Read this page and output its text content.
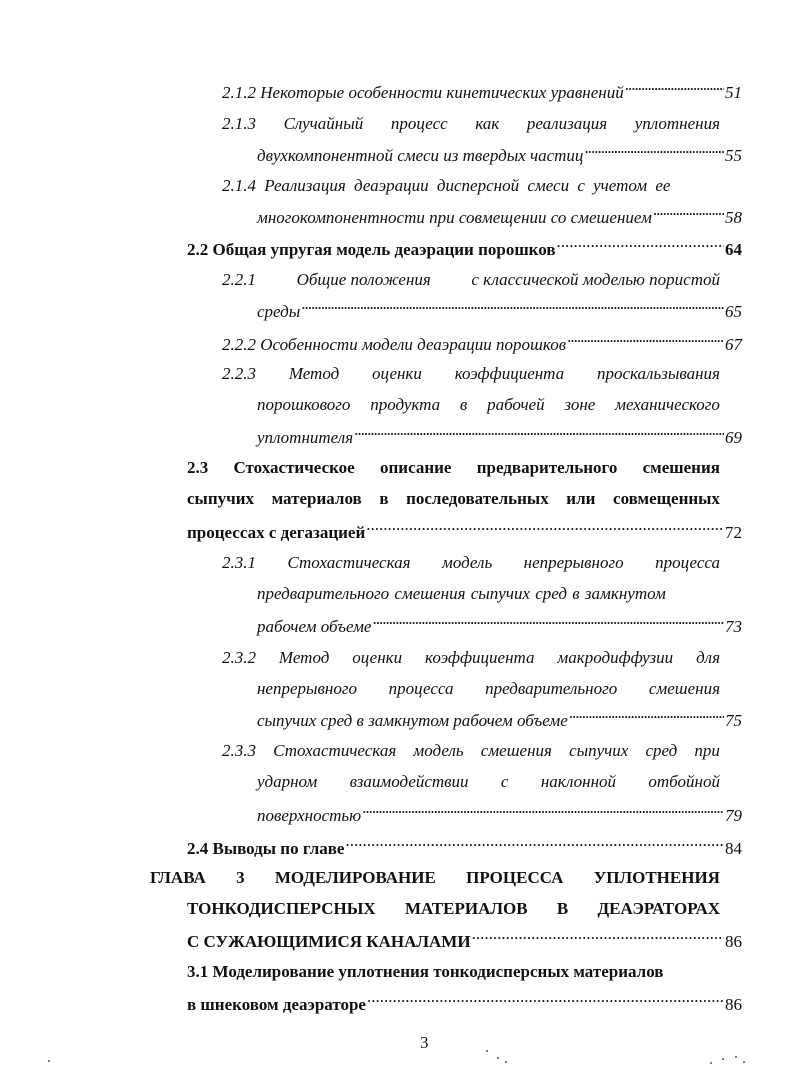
2.1.2 Некоторые особенности кинетических уравнений .....	51
2.1.3 Случайный процесс как реализация уплотнения
двухкомпонентной смеси из твердых частиц .....	55
2.1.4 Реализация деаэрации дисперсной смеси с учетом ее
многокомпонентности при совмещении со смешением .....	58
2.2 Общая упругая модель деаэрации порошков .....	64
2.2.1 Общие положения с классической моделью пористой
среды .....	65
2.2.2 Особенности модели деаэрации порошков .....	67
2.2.3 Метод оценки коэффициента проскальзывания
порошкового продукта в рабочей зоне механического
уплотнителя .....	69
2.3 Стохастическое описание предварительного смешения
сыпучих материалов в последовательных или совмещенных
процессах с дегазацией .....	72
2.3.1 Стохастическая модель непрерывного процесса
предварительного смешения сыпучих сред в замкнутом
рабочем объеме .....	73
2.3.2 Метод оценки коэффициента макродиффузии для
непрерывного процесса предварительного смешения
сыпучих сред в замкнутом рабочем объеме .....	75
2.3.3 Стохастическая модель смешения сыпучих сред при
ударном взаимодействии с наклонной отбойной
поверхностью .....	79
2.4 Выводы по главе .....	84
ГЛАВА 3 МОДЕЛИРОВАНИЕ ПРОЦЕССА УПЛОТНЕНИЯ
ТОНКОДИСПЕРСНЫХ МАТЕРИАЛОВ В ДЕАЭРАТОРАХ
С СУЖАЮЩИМИСЯ КАНАЛАМИ .....	86
3.1 Моделирование уплотнения тонкодисперсных материалов
в шнековом деаэраторе .....	86
3
